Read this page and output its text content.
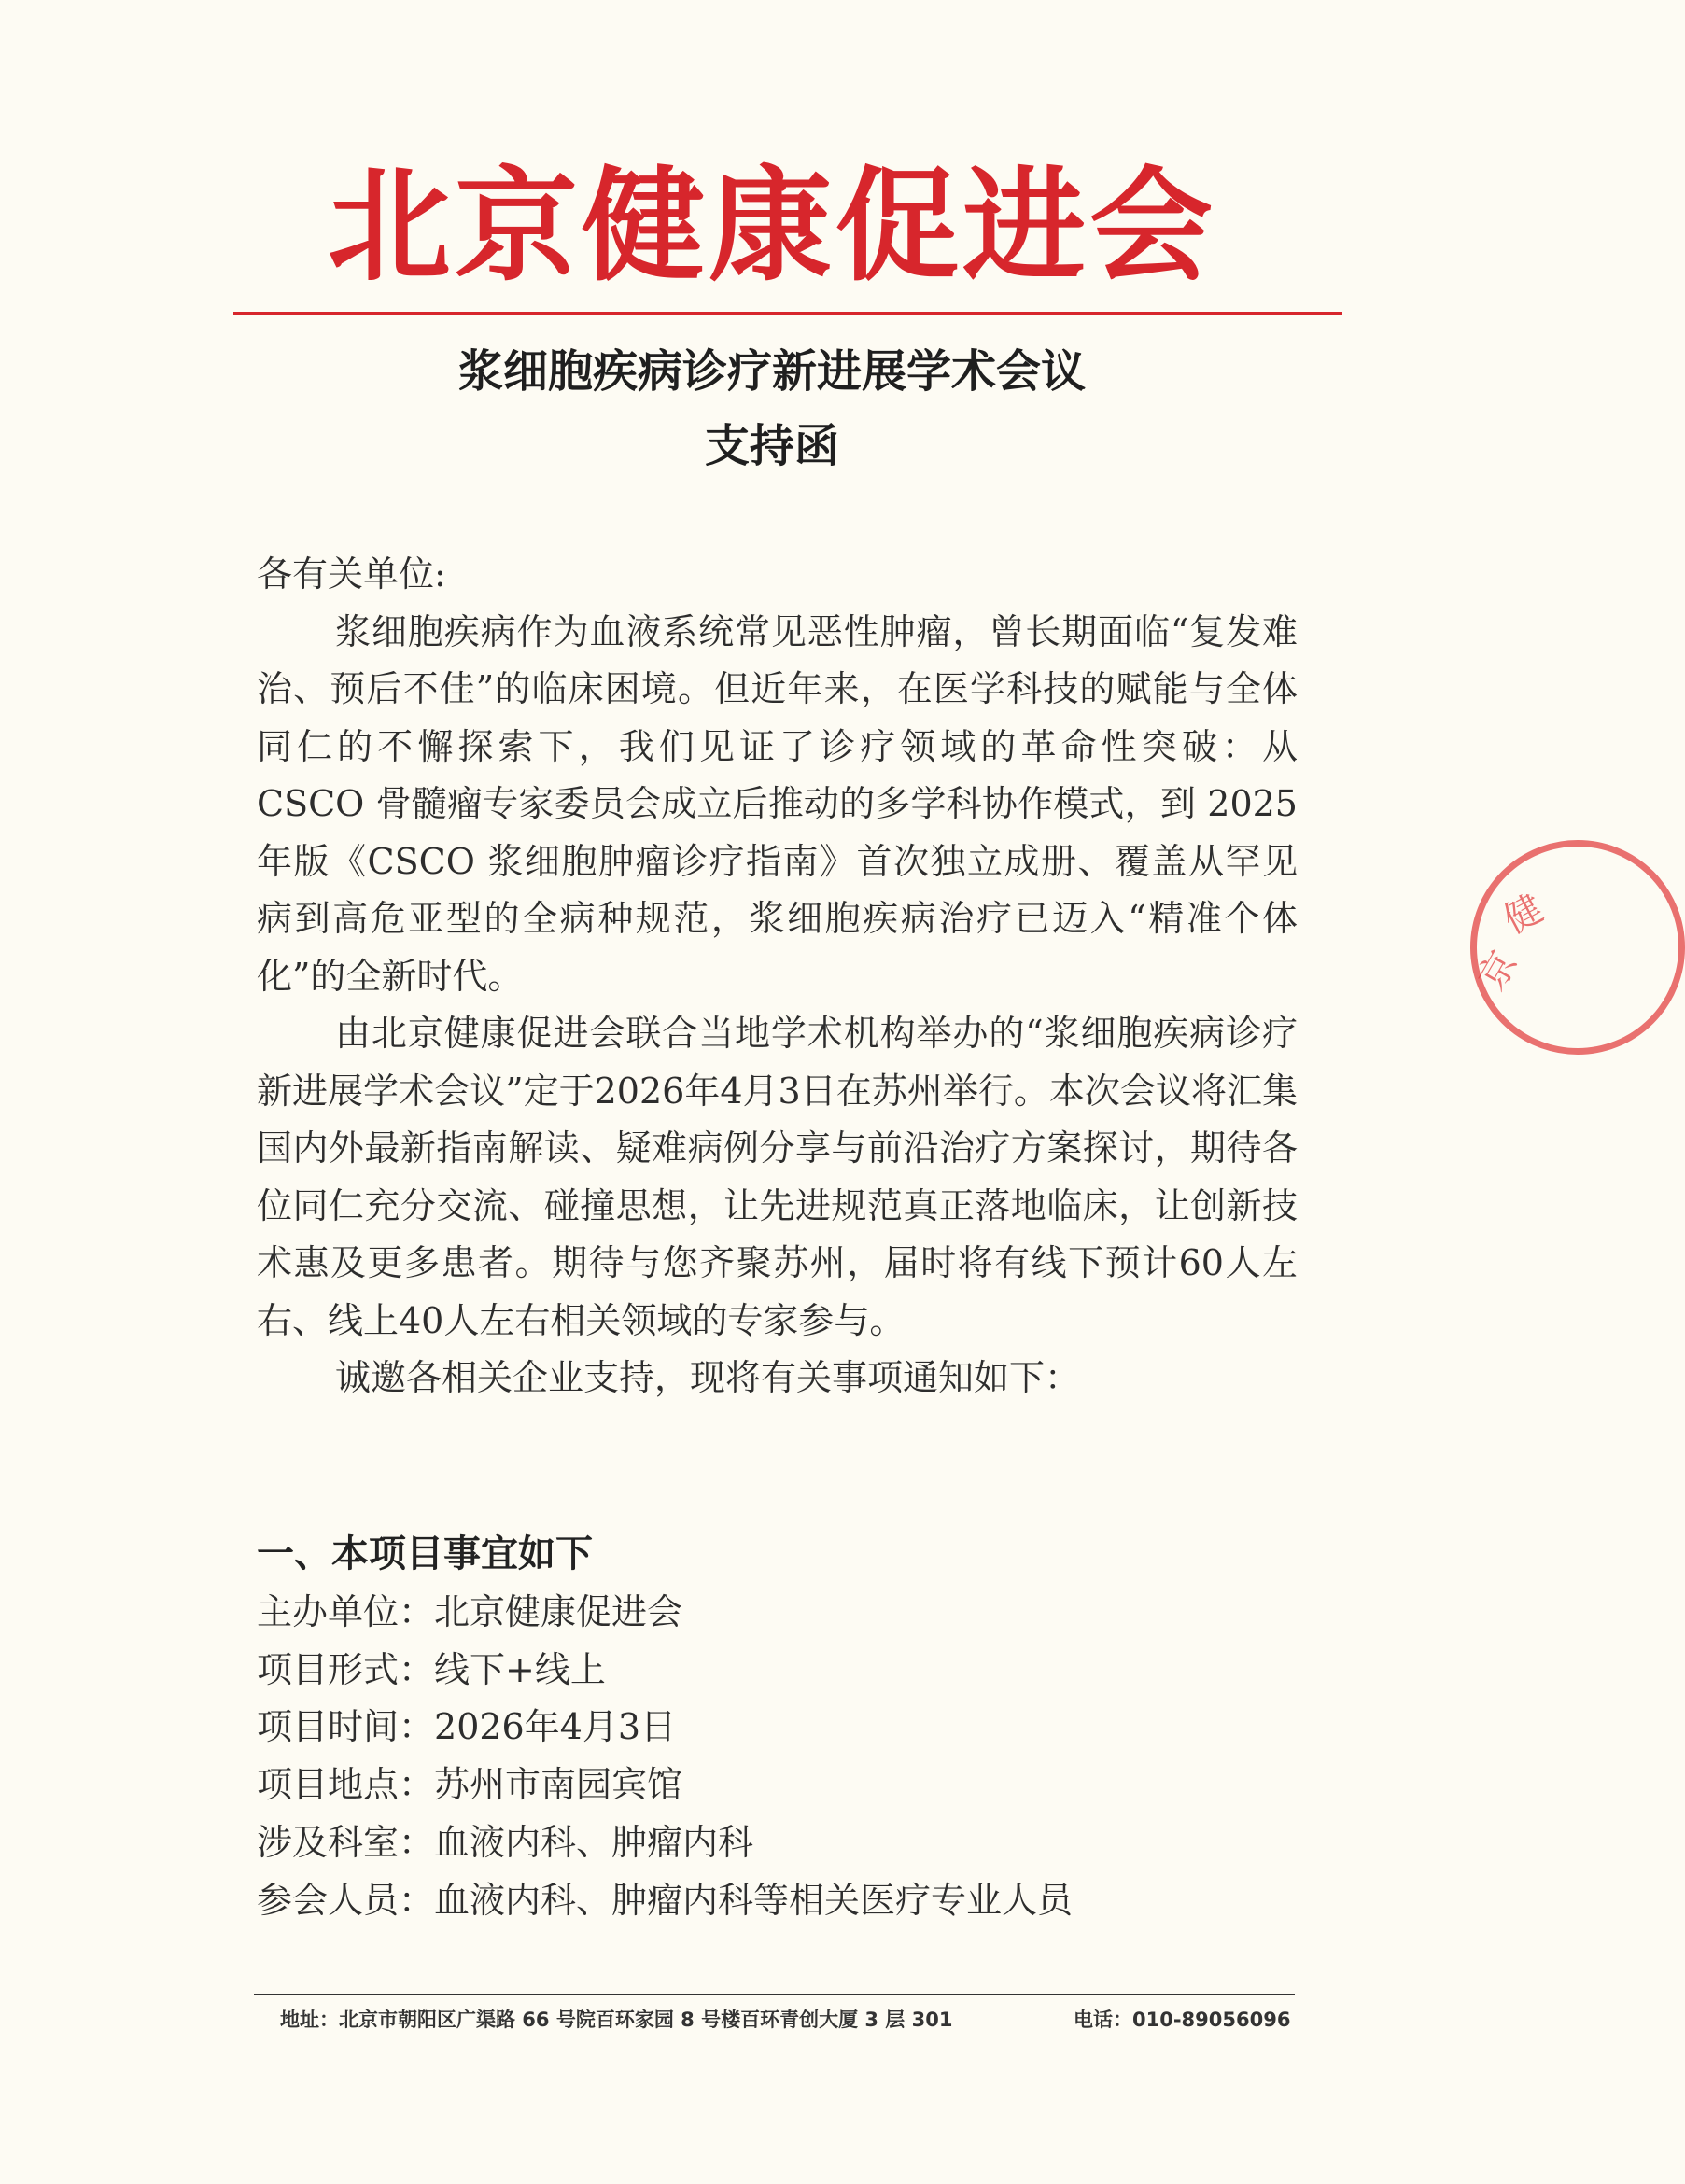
北京健康促进会
浆细胞疾病诊疗新进展学术会议
支持函

各有关单位:

浆细胞疾病作为血液系统常见恶性肿瘤，曾长期面临“复发难治、预后不佳”的临床困境。但近年来，在医学科技的赋能与全体同仁的不懈探索下，我们见证了诊疗领域的革命性突破：从 CSCO 骨髓瘤专家委员会成立后推动的多学科协作模式，到 2025 年版《CSCO 浆细胞肿瘤诊疗指南》首次独立成册、覆盖从罕见病到高危亚型的全病种规范，浆细胞疾病治疗已迈入“精准个体化”的全新时代。

由北京健康促进会联合当地学术机构举办的“浆细胞疾病诊疗新进展学术会议”定于2026年4月3日在苏州举行。本次会议将汇集国内外最新指南解读、疑难病例分享与前沿治疗方案探讨，期待各位同仁充分交流、碰撞思想，让先进规范真正落地临床，让创新技术惠及更多患者。期待与您齐聚苏州，届时将有线下预计60人左右、线上40人左右相关领域的专家参与。

诚邀各相关企业支持，现将有关事项通知如下：

一、本项目事宜如下
主办单位： 北京健康促进会
项目形式： 线下+线上
项目时间： 2026年4月3日
项目地点： 苏州市南园宾馆
涉及科室： 血液内科、肿瘤内科
参会人员： 血液内科、肿瘤内科等相关医疗专业人员
地址：北京市朝阳区广渠路 66 号院百环家园 8 号楼百环青创大厦 3 层 301	电话：010-89056096
京
健
